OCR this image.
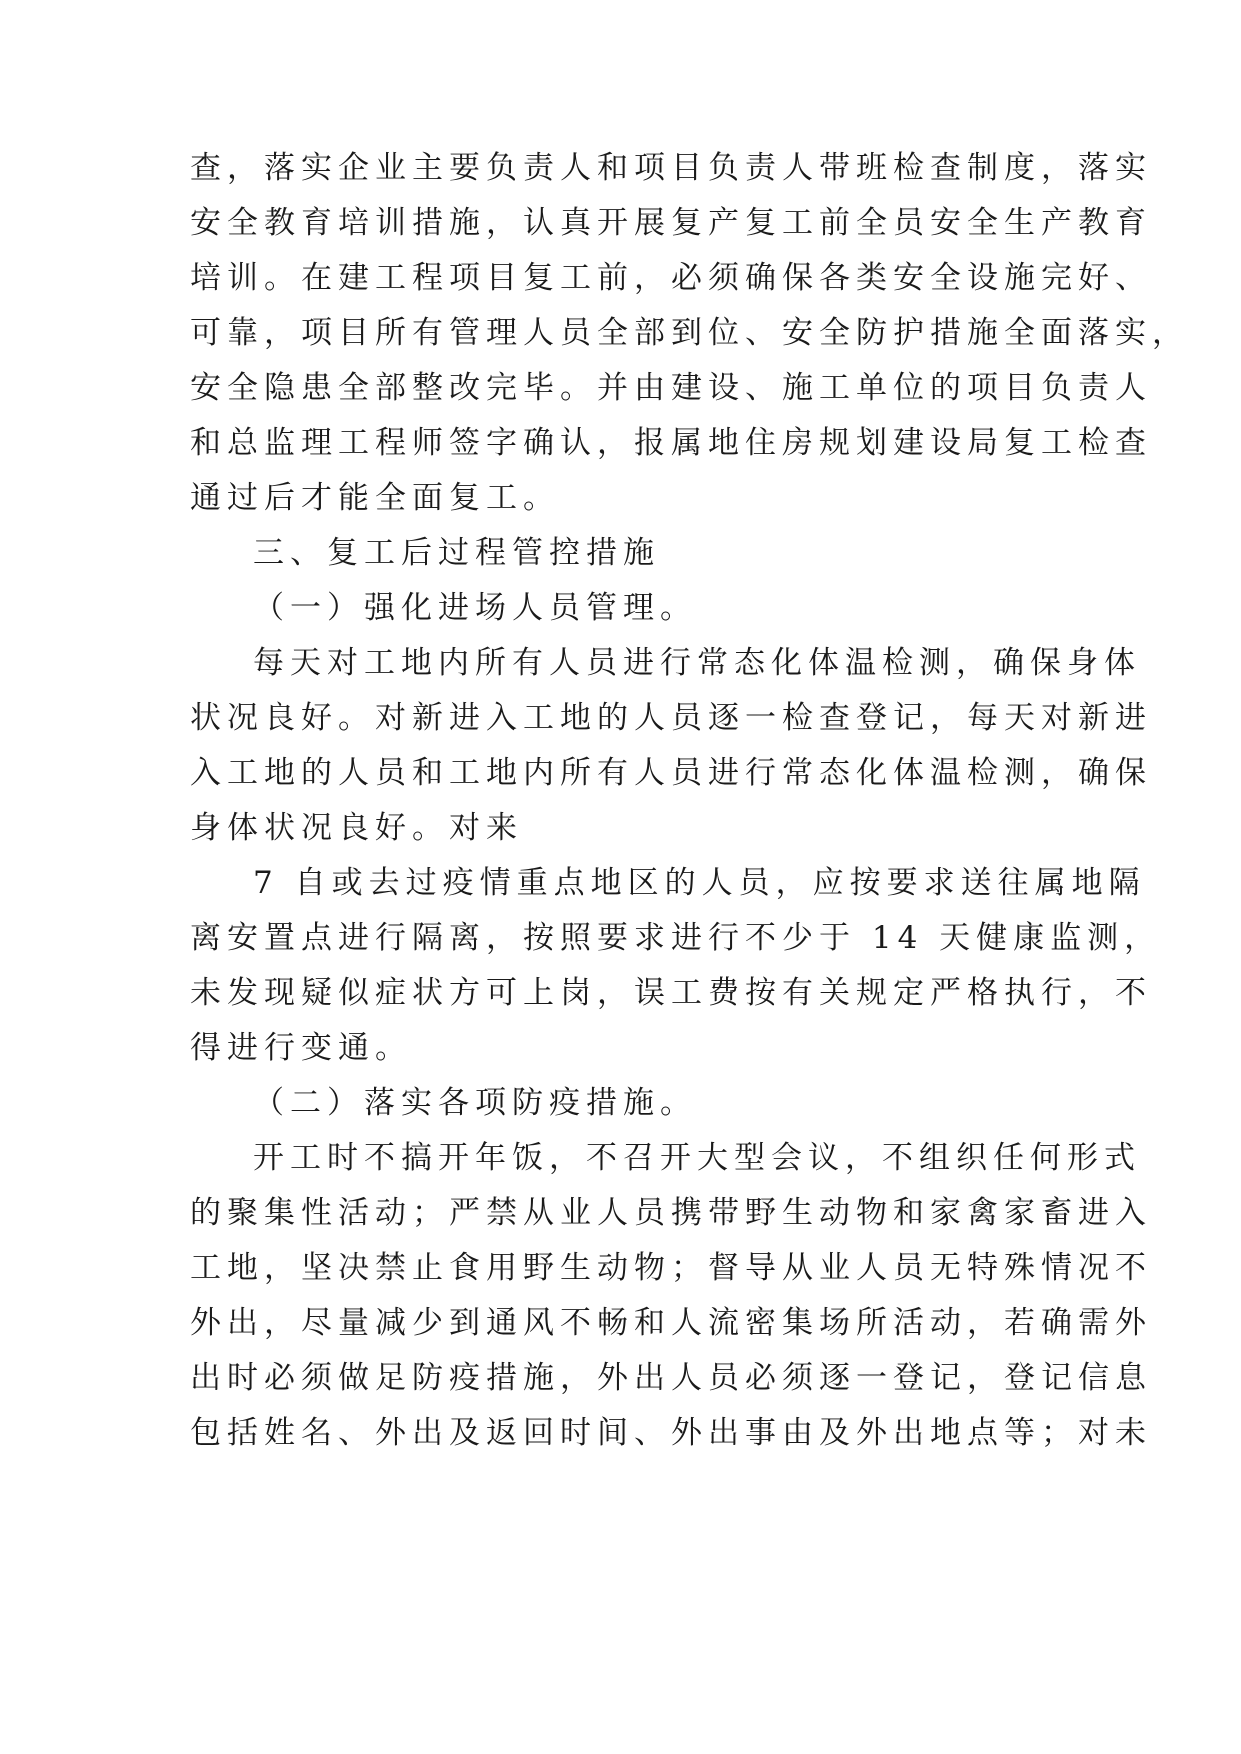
查，落实企业主要负责人和项目负责人带班检查制度，落实

安全教育培训措施，认真开展复产复工前全员安全生产教育

培训。在建工程项目复工前，必须确保各类安全设施完好、

可靠，项目所有管理人员全部到位、安全防护措施全面落实，

安全隐患全部整改完毕。并由建设、施工单位的项目负责人

和总监理工程师签字确认，报属地住房规划建设局复工检查

通过后才能全面复工。

三、复工后过程管控措施

（一）强化进场人员管理。

每天对工地内所有人员进行常态化体温检测，确保身体

状况良好。对新进入工地的人员逐一检查登记，每天对新进

入工地的人员和工地内所有人员进行常态化体温检测，确保

身体状况良好。对来

7 自或去过疫情重点地区的人员，应按要求送往属地隔

离安置点进行隔离，按照要求进行不少于 14 天健康监测，

未发现疑似症状方可上岗，误工费按有关规定严格执行，不

得进行变通。

（二）落实各项防疫措施。

开工时不搞开年饭，不召开大型会议，不组织任何形式

的聚集性活动；严禁从业人员携带野生动物和家禽家畜进入

工地，坚决禁止食用野生动物；督导从业人员无特殊情况不

外出，尽量减少到通风不畅和人流密集场所活动，若确需外

出时必须做足防疫措施，外出人员必须逐一登记，登记信息

包括姓名、外出及返回时间、外出事由及外出地点等；对未
